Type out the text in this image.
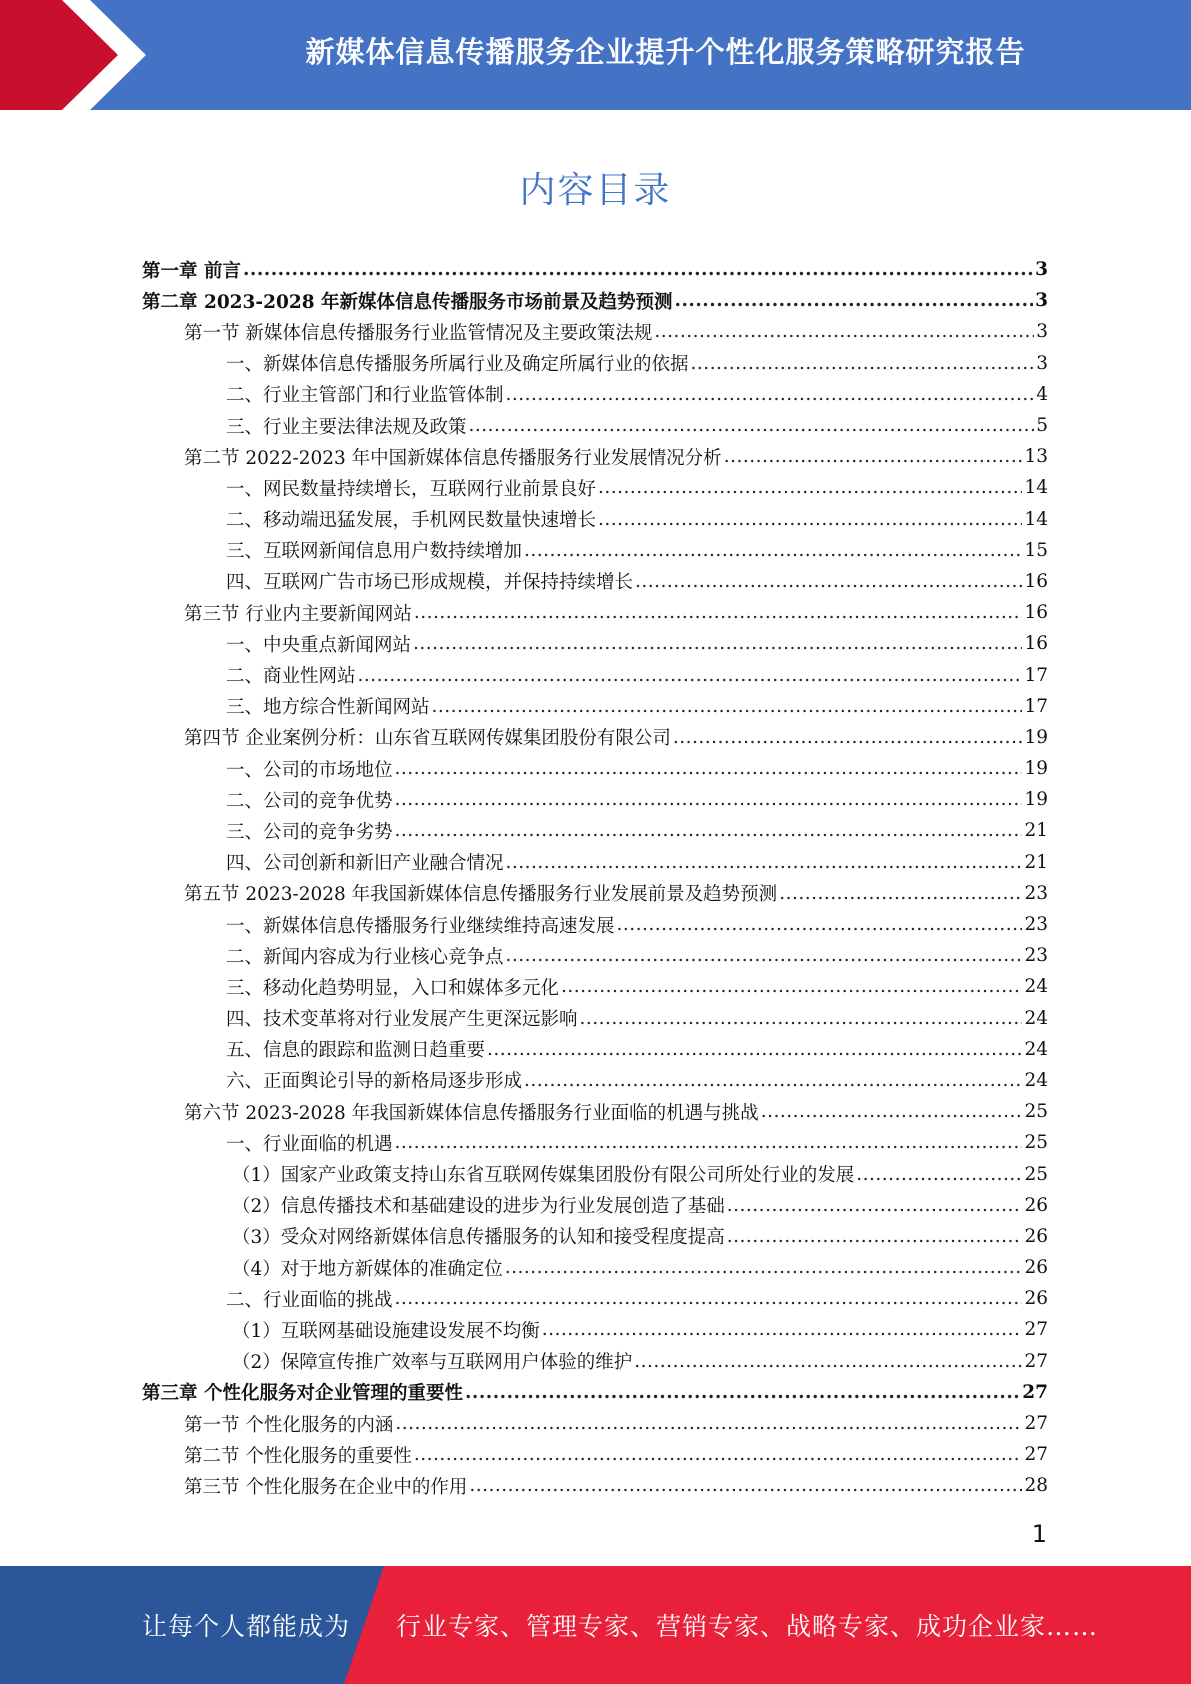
新媒体信息传播服务企业提升个性化服务策略研究报告
内容目录
第一章 前言 .....	3
第二章 2023-2028 年新媒体信息传播服务市场前景及趋势预测 .....	3
第一节 新媒体信息传播服务行业监管情况及主要政策法规 .....	3
一、新媒体信息传播服务所属行业及确定所属行业的依据 .....	3
二、行业主管部门和行业监管体制 .....	4
三、行业主要法律法规及政策 .....	5
第二节 2022-2023 年中国新媒体信息传播服务行业发展情况分析 .....	13
一、网民数量持续增长，互联网行业前景良好 .....	14
二、移动端迅猛发展，手机网民数量快速增长 .....	14
三、互联网新闻信息用户数持续增加 .....	15
四、互联网广告市场已形成规模，并保持持续增长 .....	16
第三节 行业内主要新闻网站 .....	16
一、中央重点新闻网站 .....	16
二、商业性网站 .....	17
三、地方综合性新闻网站 .....	17
第四节 企业案例分析：山东省互联网传媒集团股份有限公司 .....	19
一、公司的市场地位 .....	19
二、公司的竞争优势 .....	19
三、公司的竞争劣势 .....	21
四、公司创新和新旧产业融合情况 .....	21
第五节 2023-2028 年我国新媒体信息传播服务行业发展前景及趋势预测 .....	23
一、新媒体信息传播服务行业继续维持高速发展 .....	23
二、新闻内容成为行业核心竞争点 .....	23
三、移动化趋势明显，入口和媒体多元化 .....	24
四、技术变革将对行业发展产生更深远影响 .....	24
五、信息的跟踪和监测日趋重要 .....	24
六、正面舆论引导的新格局逐步形成 .....	24
第六节 2023-2028 年我国新媒体信息传播服务行业面临的机遇与挑战 .....	25
一、行业面临的机遇 .....	25
（1）国家产业政策支持山东省互联网传媒集团股份有限公司所处行业的发展 .....	25
（2）信息传播技术和基础建设的进步为行业发展创造了基础 .....	26
（3）受众对网络新媒体信息传播服务的认知和接受程度提高 .....	26
（4）对于地方新媒体的准确定位 .....	26
二、行业面临的挑战 .....	26
（1）互联网基础设施建设发展不均衡 .....	27
（2）保障宣传推广效率与互联网用户体验的维护 .....	27
第三章 个性化服务对企业管理的重要性 .....	27
第一节 个性化服务的内涵 .....	27
第二节 个性化服务的重要性 .....	27
第三节 个性化服务在企业中的作用 .....	28
1
让每个人都能成为 行业专家、管理专家、营销专家、战略专家、成功企业家……
